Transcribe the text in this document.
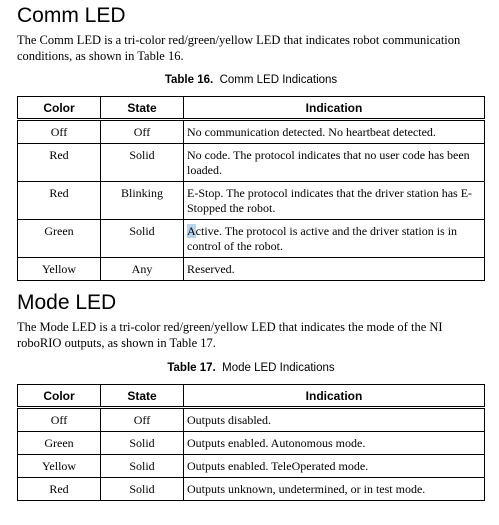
Comm LED

The Comm LED is a tri-color red/green/yellow LED that indicates robot communication conditions, as shown in Table 16.

Table 16. Comm LED Indications

Color	State	Indication
Off	Off	No communication detected. No heartbeat detected.
Red	Solid	No code. The protocol indicates that no user code has been loaded.
Red	Blinking	E-Stop. The protocol indicates that the driver station has E-Stopped the robot.
Green	Solid	Active. The protocol is active and the driver station is in control of the robot.
Yellow	Any	Reserved.
Mode LED

The Mode LED is a tri-color red/green/yellow LED that indicates the mode of the NI roboRIO outputs, as shown in Table 17.

Table 17. Mode LED Indications

Color	State	Indication
Off	Off	Outputs disabled.
Green	Solid	Outputs enabled. Autonomous mode.
Yellow	Solid	Outputs enabled. TeleOperated mode.
Red	Solid	Outputs unknown, undetermined, or in test mode.
